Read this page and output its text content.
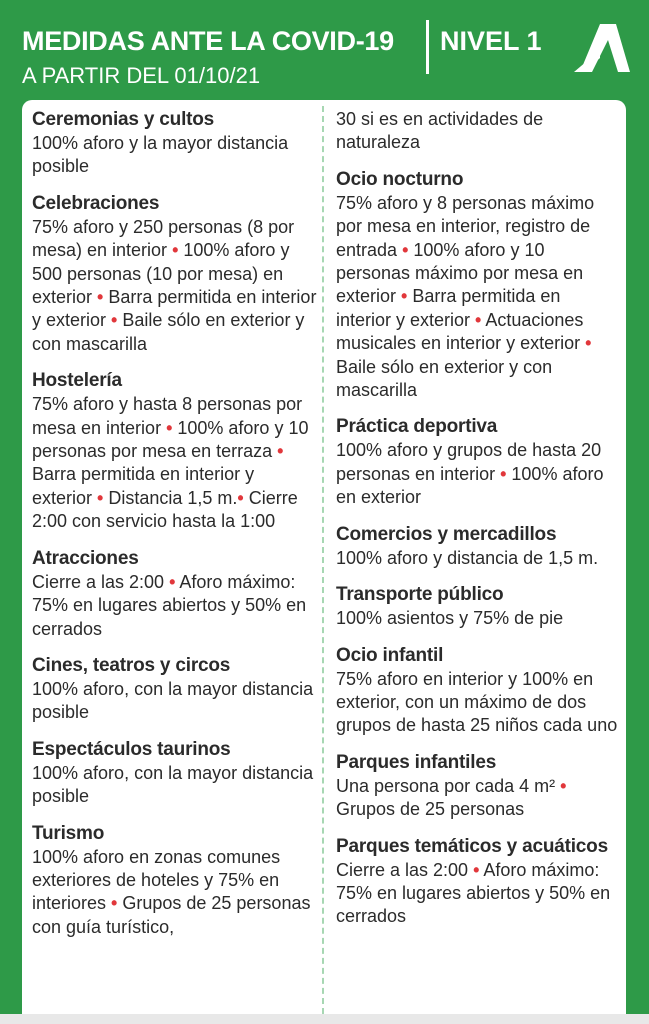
MEDIDAS ANTE LA COVID-19
A PARTIR DEL 01/10/21
NIVEL 1
Ceremonias y cultos
100% aforo y la mayor distancia posible
Celebraciones
75% aforo y 250 personas (8 por mesa) en interior • 100% aforo y 500 personas (10 por mesa) en exterior • Barra permitida en interior y exterior • Baile sólo en exterior y con mascarilla
Hostelería
75% aforo y hasta 8 personas por mesa en interior • 100% aforo y 10 personas por mesa en terraza • Barra permitida en interior y exterior • Distancia 1,5 m.• Cierre 2:00 con servicio hasta la 1:00
Atracciones
Cierre a las 2:00 • Aforo máximo: 75% en lugares abiertos y 50% en cerrados
Cines, teatros y circos
100% aforo, con la mayor distancia posible
Espectáculos taurinos
100% aforo, con la mayor distancia posible
Turismo
100% aforo en zonas comunes exteriores de hoteles y 75% en interiores • Grupos de 25 personas con guía turístico,
30 si es en actividades de naturaleza
Ocio nocturno
75% aforo y 8 personas máximo por mesa en interior, registro de entrada • 100% aforo y 10 personas máximo por mesa en exterior • Barra permitida en interior y exterior • Actuaciones musicales en interior y exterior • Baile sólo en exterior y con mascarilla
Práctica deportiva
100% aforo y grupos de hasta 20 personas en interior • 100% aforo en exterior
Comercios y mercadillos
100% aforo y distancia de 1,5 m.
Transporte público
100% asientos y 75% de pie
Ocio infantil
75% aforo en interior y 100% en exterior, con un máximo de dos grupos de hasta 25 niños cada uno
Parques infantiles
Una persona por cada 4 m² • Grupos de 25 personas
Parques temáticos y acuáticos
Cierre a las 2:00 • Aforo máximo: 75% en lugares abiertos y 50% en cerrados
